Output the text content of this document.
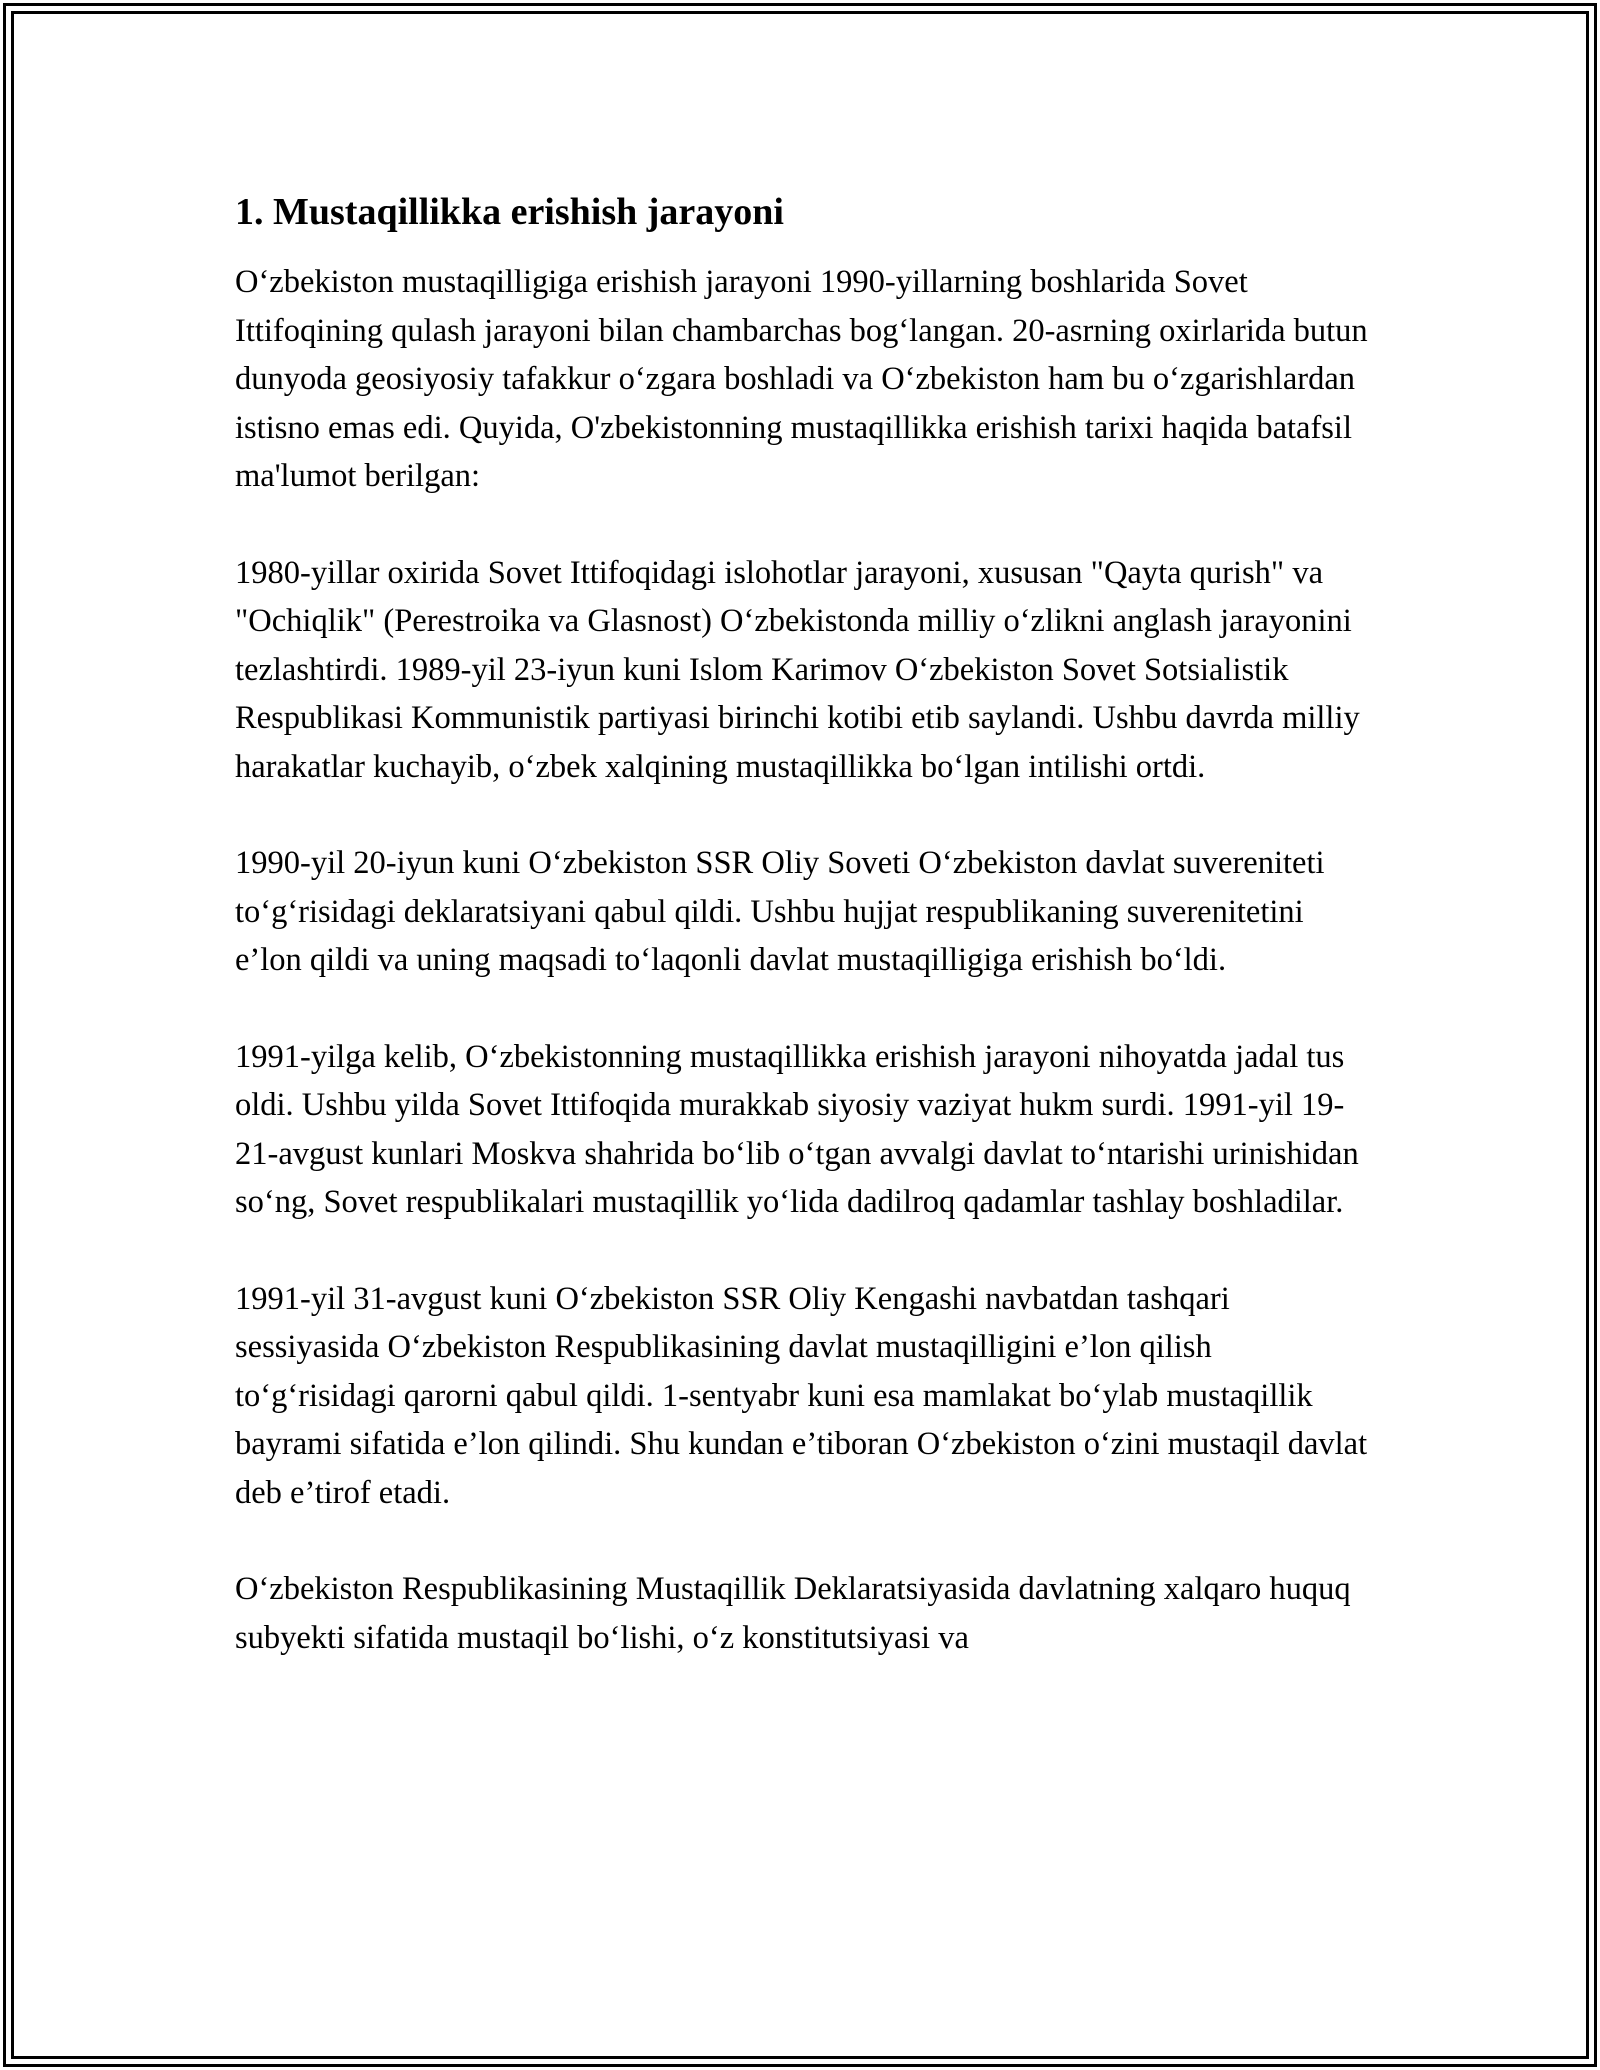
1. Mustaqillikka erishish jarayoni

O‘zbekiston mustaqilligiga erishish jarayoni 1990-yillarning boshlarida Sovet Ittifoqining qulash jarayoni bilan chambarchas bog‘langan. 20-asrning oxirlarida butun dunyoda geosiyosiy tafakkur o‘zgara boshladi va O‘zbekiston ham bu o‘zgarishlardan istisno emas edi. Quyida, O'zbekistonning mustaqillikka erishish tarixi haqida batafsil ma'lumot berilgan:

1980-yillar oxirida Sovet Ittifoqidagi islohotlar jarayoni, xususan "Qayta qurish" va "Ochiqlik" (Perestroika va Glasnost) O‘zbekistonda milliy o‘zlikni anglash jarayonini tezlashtirdi. 1989-yil 23-iyun kuni Islom Karimov O‘zbekiston Sovet Sotsialistik Respublikasi Kommunistik partiyasi birinchi kotibi etib saylandi. Ushbu davrda milliy harakatlar kuchayib, o‘zbek xalqining mustaqillikka bo‘lgan intilishi ortdi.

1990-yil 20-iyun kuni O‘zbekiston SSR Oliy Soveti O‘zbekiston davlat suvereniteti to‘g‘risidagi deklaratsiyani qabul qildi. Ushbu hujjat respublikaning suverenitetini e’lon qildi va uning maqsadi to‘laqonli davlat mustaqilligiga erishish bo‘ldi.

1991-yilga kelib, O‘zbekistonning mustaqillikka erishish jarayoni nihoyatda jadal tus oldi. Ushbu yilda Sovet Ittifoqida murakkab siyosiy vaziyat hukm surdi. 1991-yil 19-21-avgust kunlari Moskva shahrida bo‘lib o‘tgan avvalgi davlat to‘ntarishi urinishidan so‘ng, Sovet respublikalari mustaqillik yo‘lida dadilroq qadamlar tashlay boshladilar.

1991-yil 31-avgust kuni O‘zbekiston SSR Oliy Kengashi navbatdan tashqari sessiyasida O‘zbekiston Respublikasining davlat mustaqilligini e’lon qilish to‘g‘risidagi qarorni qabul qildi. 1-sentyabr kuni esa mamlakat bo‘ylab mustaqillik bayrami sifatida e’lon qilindi. Shu kundan e’tiboran O‘zbekiston o‘zini mustaqil davlat deb e’tirof etadi.

O‘zbekiston Respublikasining Mustaqillik Deklaratsiyasida davlatning xalqaro huquq subyekti sifatida mustaqil bo‘lishi, o‘z konstitutsiyasi va
